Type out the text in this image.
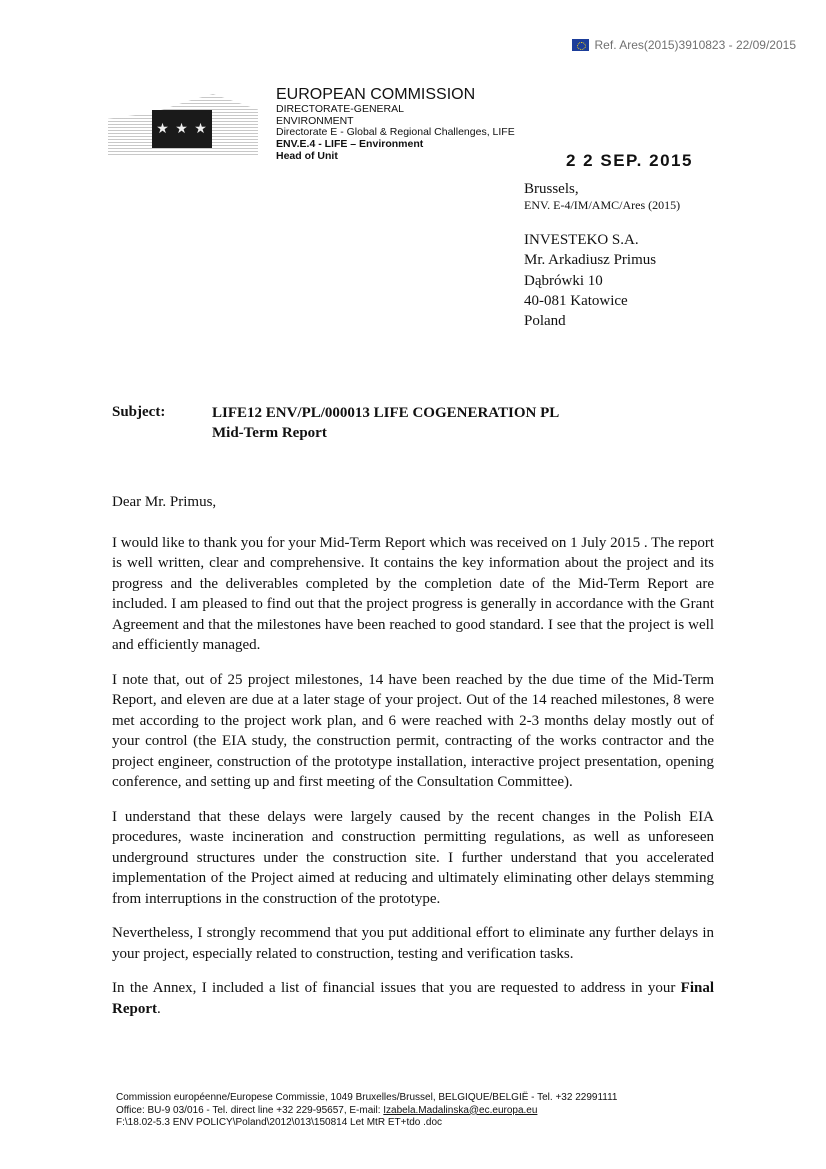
Ref. Ares(2015)3910823 - 22/09/2015
★ ★ ★
EUROPEAN COMMISSION
DIRECTORATE-GENERAL
ENVIRONMENT
Directorate E - Global & Regional Challenges, LIFE
ENV.E.4 - LIFE – Environment
Head of Unit	2 2 SEP. 2015
Brussels,
ENV. E-4/IM/AMC/Ares (2015)
INVESTEKO S.A.
Mr. Arkadiusz Primus
Dąbrówki 10
40-081 Katowice
Poland
Subject:	LIFE12 ENV/PL/000013 LIFE COGENERATION PL
Mid-Term Report

Dear Mr. Primus,

I would like to thank you for your Mid-Term Report which was received on 1 July 2015 . The report is well written, clear and comprehensive. It contains the key information about the project and its progress and the deliverables completed by the completion date of the Mid-Term Report are included. I am pleased to find out that the project progress is generally in accordance with the Grant Agreement and that the milestones have been reached to good standard. I see that the project is well and efficiently managed.

I note that, out of 25 project milestones, 14 have been reached by the due time of the Mid-Term Report, and eleven are due at a later stage of your project. Out of the 14 reached milestones, 8 were met according to the project work plan, and 6 were reached with 2-3 months delay mostly out of your control (the EIA study, the construction permit, contracting of the works contractor and the project engineer, construction of the prototype installation, interactive project presentation, opening conference, and setting up and first meeting of the Consultation Committee).

I understand that these delays were largely caused by the recent changes in the Polish EIA procedures, waste incineration and construction permitting regulations, as well as unforeseen underground structures under the construction site. I further understand that you accelerated implementation of the Project aimed at reducing and ultimately eliminating other delays stemming from interruptions in the construction of the prototype.

Nevertheless, I strongly recommend that you put additional effort to eliminate any further delays in your project, especially related to construction, testing and verification tasks.

In the Annex, I included a list of financial issues that you are requested to address in your Final Report.

Commission européenne/Europese Commissie, 1049 Bruxelles/Brussel, BELGIQUE/BELGIË - Tel. +32 22991111
Office: BU-9 03/016 - Tel. direct line +32 229-95657, E-mail: Izabela.Madalinska@ec.europa.eu
F:\18.02-5.3 ENV POLICY\Poland\2012\013\150814 Let MtR ET+tdo .doc
